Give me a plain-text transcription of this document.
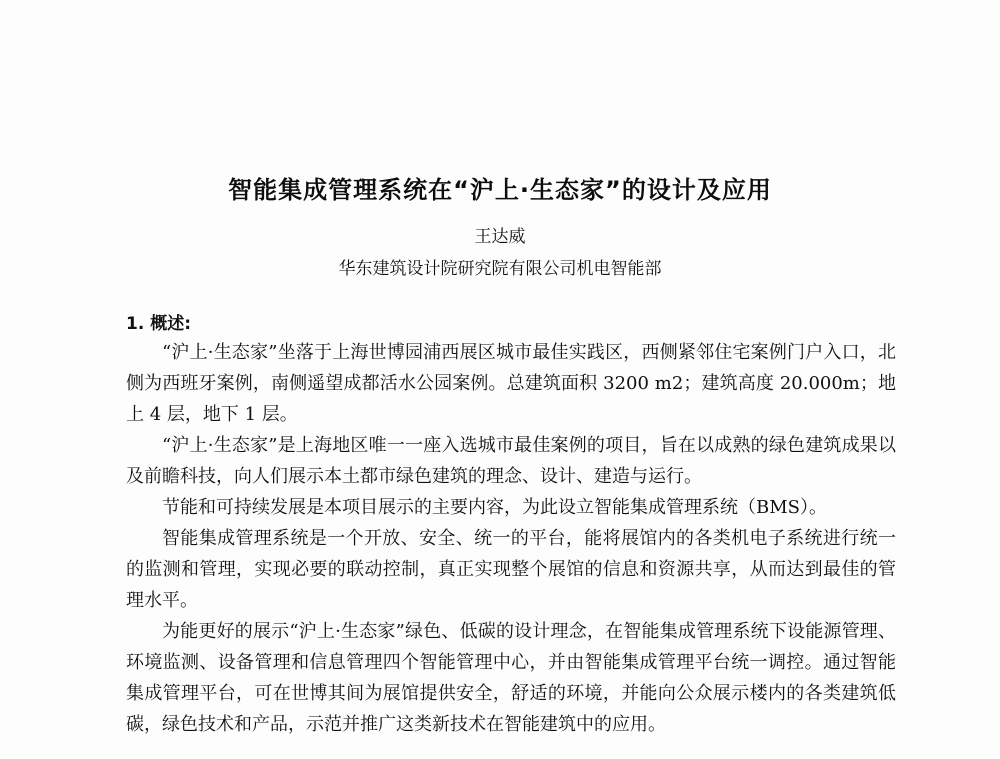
智能集成管理系统在“沪上·生态家”的设计及应用
王达威
华东建筑设计院研究院有限公司机电智能部
1. 概述:

“沪上·生态家”坐落于上海世博园浦西展区城市最佳实践区，西侧紧邻住宅案例门户入口，北侧为西班牙案例，南侧遥望成都活水公园案例。总建筑面积 3200 m2；建筑高度 20.000m；地上 4 层，地下 1 层。

“沪上·生态家”是上海地区唯一一座入选城市最佳案例的项目，旨在以成熟的绿色建筑成果以及前瞻科技，向人们展示本土都市绿色建筑的理念、设计、建造与运行。

节能和可持续发展是本项目展示的主要内容，为此设立智能集成管理系统（BMS）。

智能集成管理系统是一个开放、安全、统一的平台，能将展馆内的各类机电子系统进行统一的监测和管理，实现必要的联动控制，真正实现整个展馆的信息和资源共享，从而达到最佳的管理水平。

为能更好的展示“沪上·生态家”绿色、低碳的设计理念，在智能集成管理系统下设能源管理、环境监测、设备管理和信息管理四个智能管理中心，并由智能集成管理平台统一调控。通过智能集成管理平台，可在世博其间为展馆提供安全，舒适的环境，并能向公众展示楼内的各类建筑低碳，绿色技术和产品，示范并推广这类新技术在智能建筑中的应用。
